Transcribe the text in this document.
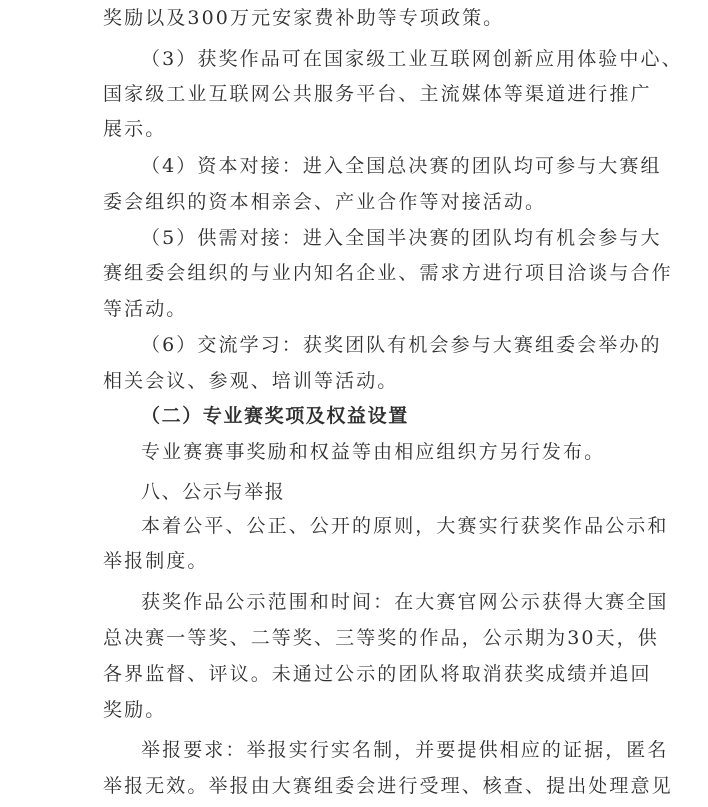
奖励以及300万元安家费补助等专项政策。
（3）获奖作品可在国家级工业互联网创新应用体验中心、
国家级工业互联网公共服务平台、主流媒体等渠道进行推广
展示。
（4）资本对接：进入全国总决赛的团队均可参与大赛组
委会组织的资本相亲会、产业合作等对接活动。
（5）供需对接：进入全国半决赛的团队均有机会参与大
赛组委会组织的与业内知名企业、需求方进行项目洽谈与合作
等活动。
（6）交流学习：获奖团队有机会参与大赛组委会举办的
相关会议、参观、培训等活动。
（二）专业赛奖项及权益设置
专业赛赛事奖励和权益等由相应组织方另行发布。
八、公示与举报
本着公平、公正、公开的原则，大赛实行获奖作品公示和
举报制度。
获奖作品公示范围和时间：在大赛官网公示获得大赛全国
总决赛一等奖、二等奖、三等奖的作品，公示期为30天，供
各界监督、评议。未通过公示的团队将取消获奖成绩并追回
奖励。
举报要求：举报实行实名制，并要提供相应的证据，匿名
举报无效。举报由大赛组委会进行受理、核查、提出处理意见
